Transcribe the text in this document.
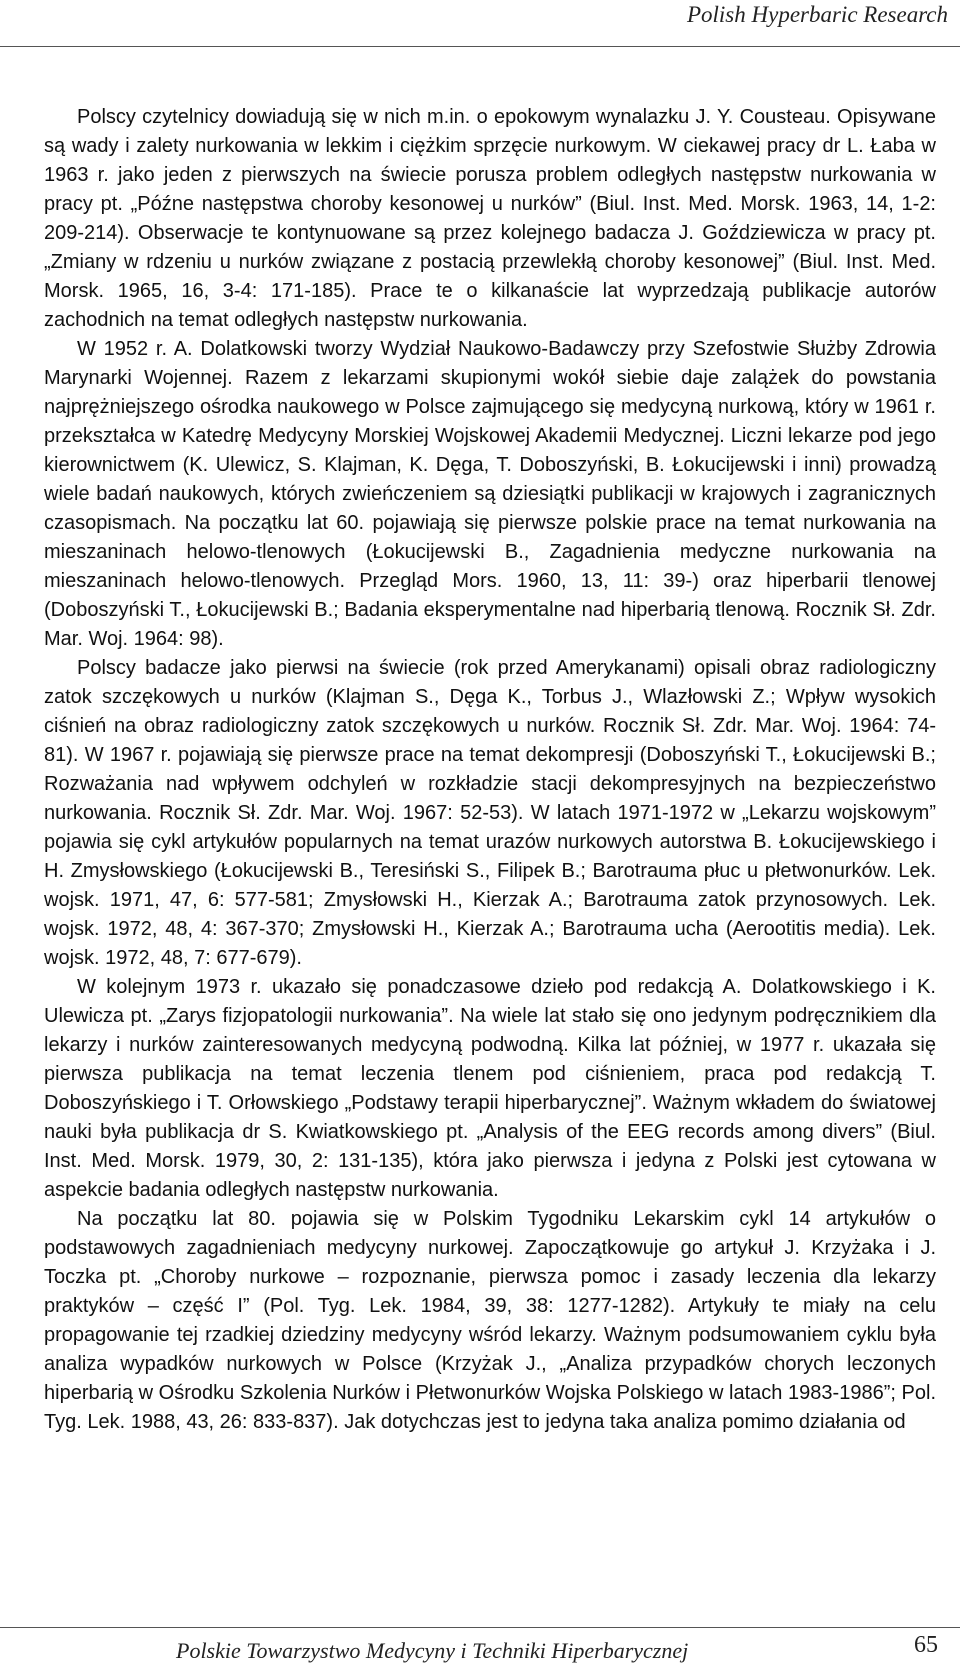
Polish Hyperbaric Research

Polscy czytelnicy dowiadują się w nich m.in. o epokowym wynalazku J. Y. Cousteau. Opisywane są wady i zalety nurkowania w lekkim i ciężkim sprzęcie nurkowym. W ciekawej pracy dr L. Łaba w 1963 r. jako jeden z pierwszych na świecie porusza problem odległych następstw nurkowania w pracy pt. „Późne następstwa choroby kesonowej u nurków” (Biul. Inst. Med. Morsk. 1963, 14, 1-2: 209-214). Obserwacje te kontynuowane są przez kolejnego badacza J. Goździewicza w pracy pt. „Zmiany w rdzeniu u nurków związane z postacią przewlekłą choroby kesonowej” (Biul. Inst. Med. Morsk. 1965, 16, 3-4: 171-185). Prace te o kilkanaście lat wyprzedzają publikacje autorów zachodnich na temat odległych następstw nurkowania.

W 1952 r. A. Dolatkowski tworzy Wydział Naukowo-Badawczy przy Szefostwie Służby Zdrowia Marynarki Wojennej. Razem z lekarzami skupionymi wokół siebie daje zalążek do powstania najprężniejszego ośrodka naukowego w Polsce zajmującego się medycyną nurkową, który w 1961 r. przekształca w Katedrę Medycyny Morskiej Wojskowej Akademii Medycznej. Liczni lekarze pod jego kierownictwem (K. Ulewicz, S. Klajman, K. Dęga, T. Doboszyński, B. Łokucijewski i inni) prowadzą wiele badań naukowych, których zwieńczeniem są dziesiątki publikacji w krajowych i zagranicznych czasopismach. Na początku lat 60. pojawiają się pierwsze polskie prace na temat nurkowania na mieszaninach helowo-tlenowych (Łokucijewski B., Zagadnienia medyczne nurkowania na mieszaninach helowo-tlenowych. Przegląd Mors. 1960, 13, 11: 39-) oraz hiperbarii tlenowej (Doboszyński T., Łokucijewski B.; Badania eksperymentalne nad hiperbarią tlenową. Rocznik Sł. Zdr. Mar. Woj. 1964: 98).

Polscy badacze jako pierwsi na świecie (rok przed Amerykanami) opisali obraz radiologiczny zatok szczękowych u nurków (Klajman S., Dęga K., Torbus J., Wlazłowski Z.; Wpływ wysokich ciśnień na obraz radiologiczny zatok szczękowych u nurków. Rocznik Sł. Zdr. Mar. Woj. 1964: 74-81). W 1967 r. pojawiają się pierwsze prace na temat dekompresji (Doboszyński T., Łokucijewski B.; Rozważania nad wpływem odchyleń w rozkładzie stacji dekompresyjnych na bezpieczeństwo nurkowania. Rocznik Sł. Zdr. Mar. Woj. 1967: 52-53). W latach 1971-1972 w „Lekarzu wojskowym” pojawia się cykl artykułów popularnych na temat urazów nurkowych autorstwa B. Łokucijewskiego i H. Zmysłowskiego (Łokucijewski B., Teresiński S., Filipek B.; Barotrauma płuc u płetwonurków. Lek. wojsk. 1971, 47, 6: 577-581; Zmysłowski H., Kierzak A.; Barotrauma zatok przynosowych. Lek. wojsk. 1972, 48, 4: 367-370; Zmysłowski H., Kierzak A.; Barotrauma ucha (Aerootitis media). Lek. wojsk. 1972, 48, 7: 677-679).

W kolejnym 1973 r. ukazało się ponadczasowe dzieło pod redakcją A. Dolatkowskiego i K. Ulewicza pt. „Zarys fizjopatologii nurkowania”. Na wiele lat stało się ono jedynym podręcznikiem dla lekarzy i nurków zainteresowanych medycyną podwodną. Kilka lat później, w 1977 r. ukazała się pierwsza publikacja na temat leczenia tlenem pod ciśnieniem, praca pod redakcją T. Doboszyńskiego i T. Orłowskiego „Podstawy terapii hiperbarycznej”. Ważnym wkładem do światowej nauki była publikacja dr S. Kwiatkowskiego pt. „Analysis of the EEG records among divers” (Biul. Inst. Med. Morsk. 1979, 30, 2: 131-135), która jako pierwsza i jedyna z Polski jest cytowana w aspekcie badania odległych następstw nurkowania.

Na początku lat 80. pojawia się w Polskim Tygodniku Lekarskim cykl 14 artykułów o podstawowych zagadnieniach medycyny nurkowej. Zapoczątkowuje go artykuł J. Krzyżaka i J. Toczka pt. „Choroby nurkowe – rozpoznanie, pierwsza pomoc i zasady leczenia dla lekarzy praktyków – część I” (Pol. Tyg. Lek. 1984, 39, 38: 1277-1282). Artykuły te miały na celu propagowanie tej rzadkiej dziedziny medycyny wśród lekarzy. Ważnym podsumowaniem cyklu była analiza wypadków nurkowych w Polsce (Krzyżak J., „Analiza przypadków chorych leczonych hiperbarią w Ośrodku Szkolenia Nurków i Płetwonurków Wojska Polskiego w latach 1983-1986”; Pol. Tyg. Lek. 1988, 43, 26: 833-837). Jak dotychczas jest to jedyna taka analiza pomimo działania od

Polskie Towarzystwo Medycyny i Techniki Hiperbarycznej	65
